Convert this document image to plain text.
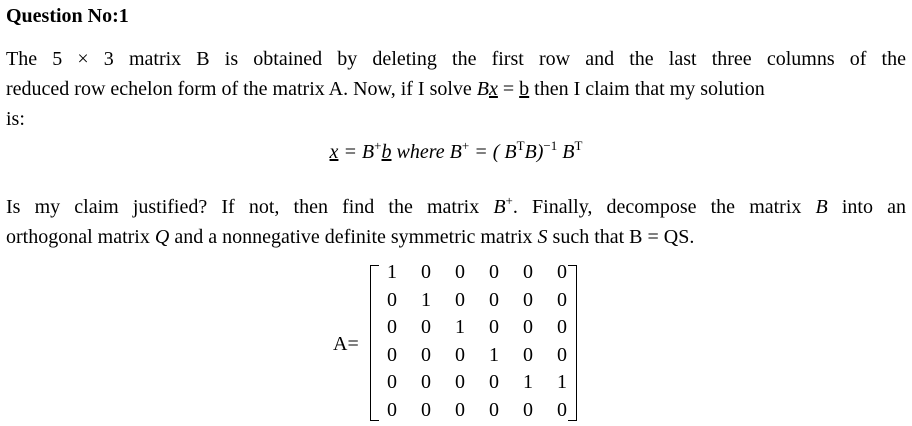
Question No:1
The 5 × 3 matrix B is obtained by deleting the first row and the last three columns of the
reduced row echelon form of the matrix A. Now, if I solve Bx = b then I claim that my solution
is:
x = B+b where B+ = ( $B^TB)^{-1}$ $B^T$
Is my claim justified? If not, then find the matrix B+. Finally, decompose the matrix B into an
orthogonal matrix Q and a nonnegative definite symmetric matrix S such that B = QS.
A=
1	0	0	0	0	0
0	1	0	0	0	0
0	0	1	0	0	0
0	0	0	1	0	0
0	0	0	0	1	1
0	0	0	0	0	0
